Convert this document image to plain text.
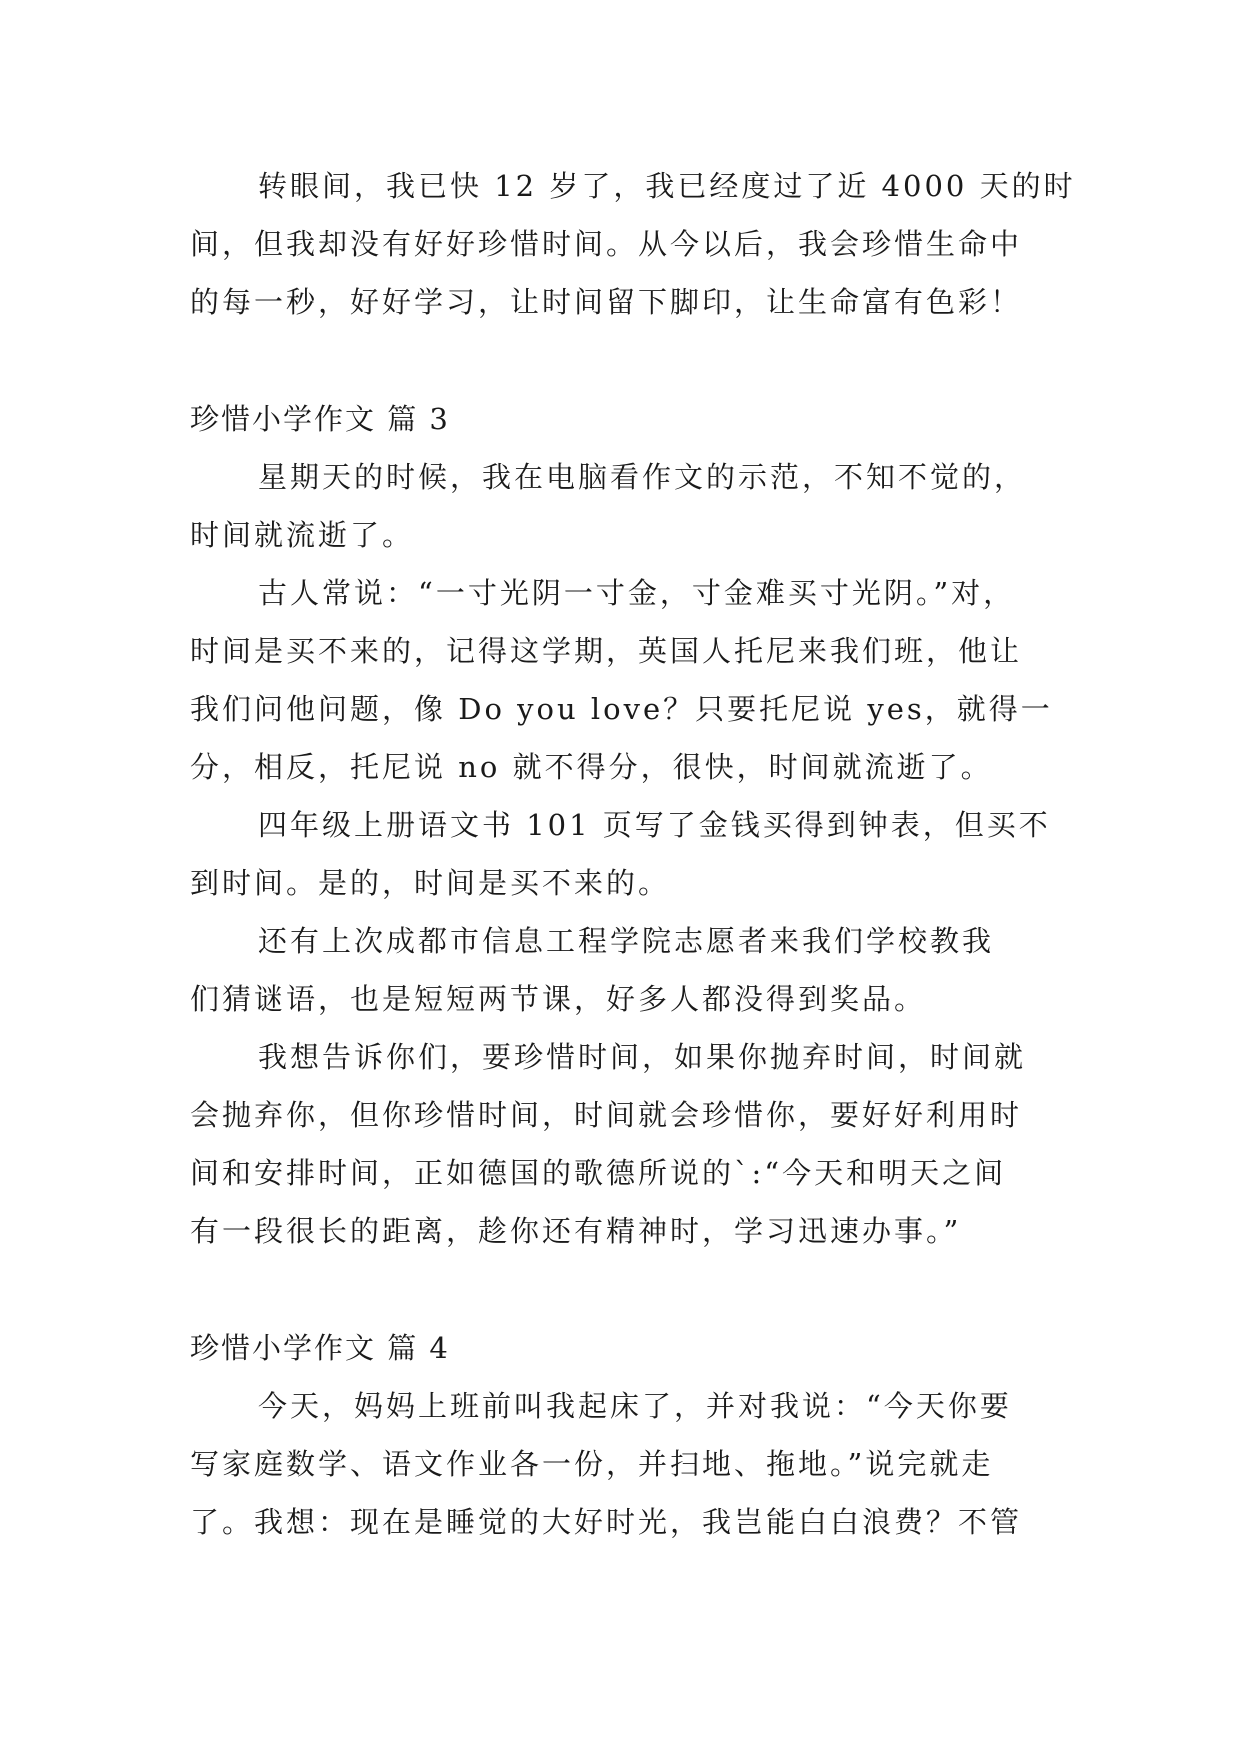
转眼间，我已快 12 岁了，我已经度过了近 4000 天的时
间，但我却没有好好珍惜时间。从今以后，我会珍惜生命中
的每一秒，好好学习，让时间留下脚印，让生命富有色彩！
珍惜小学作文 篇 3
星期天的时候，我在电脑看作文的示范，不知不觉的，
时间就流逝了。
古人常说：“一寸光阴一寸金，寸金难买寸光阴。”对，
时间是买不来的，记得这学期，英国人托尼来我们班，他让
我们问他问题，像 Do you love？只要托尼说 yes，就得一
分，相反，托尼说 no 就不得分，很快，时间就流逝了。
四年级上册语文书 101 页写了金钱买得到钟表，但买不
到时间。是的，时间是买不来的。
还有上次成都市信息工程学院志愿者来我们学校教我
们猜谜语，也是短短两节课，好多人都没得到奖品。
我想告诉你们，要珍惜时间，如果你抛弃时间，时间就
会抛弃你，但你珍惜时间，时间就会珍惜你，要好好利用时
间和安排时间，正如德国的歌德所说的`:“今天和明天之间
有一段很长的距离，趁你还有精神时，学习迅速办事。”
珍惜小学作文 篇 4
今天，妈妈上班前叫我起床了，并对我说：“今天你要
写家庭数学、语文作业各一份，并扫地、拖地。”说完就走
了。我想：现在是睡觉的大好时光，我岂能白白浪费？不管
